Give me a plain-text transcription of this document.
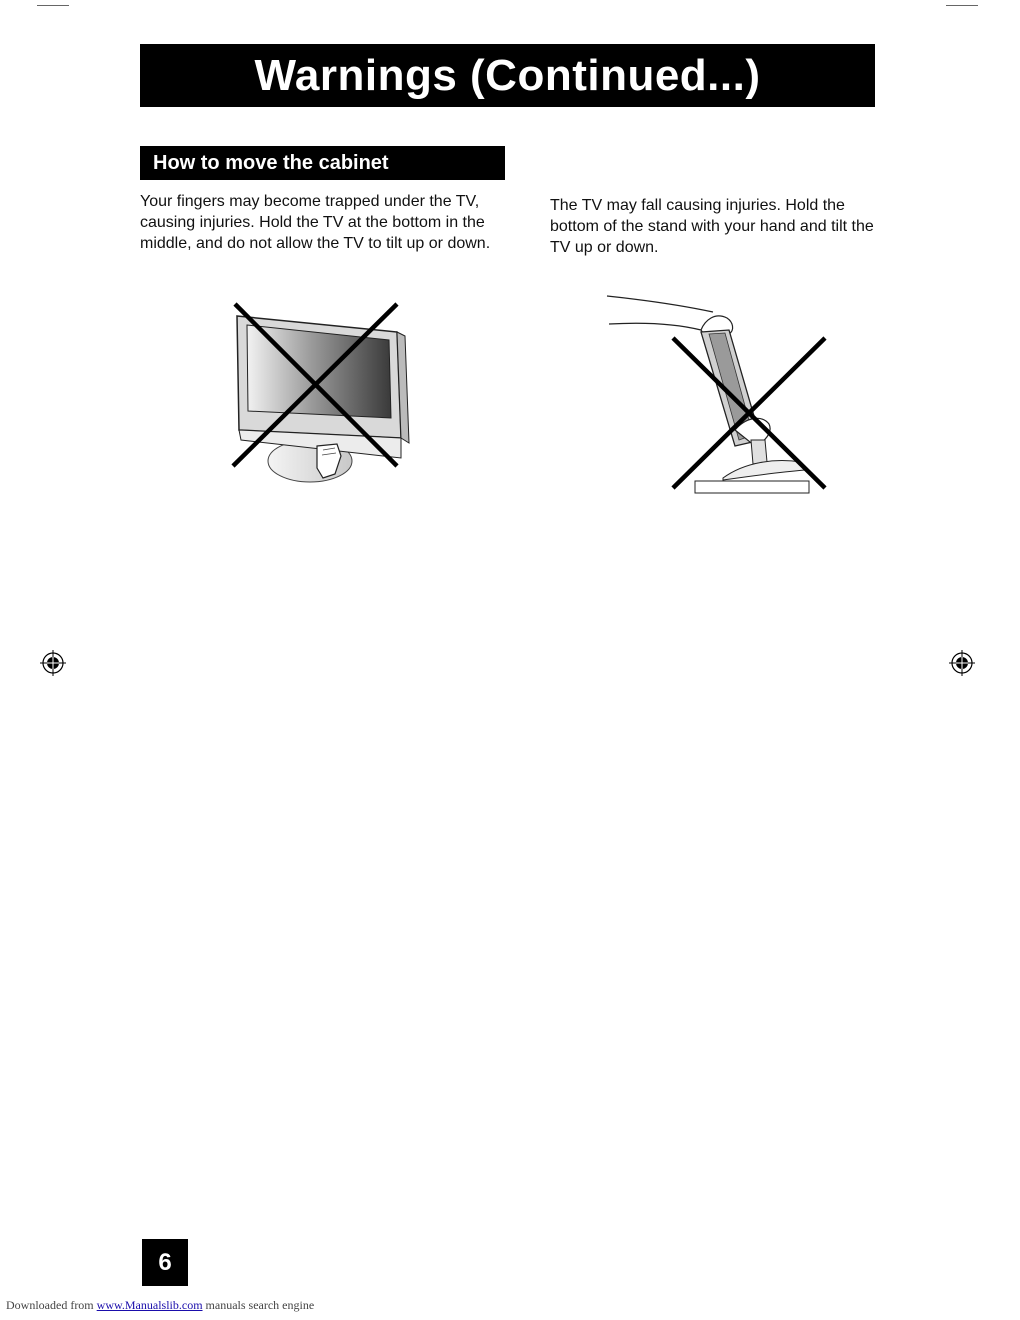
Warnings (Continued...)
How to move the cabinet
Your fingers may become trapped under the TV, causing injuries. Hold the TV at the bottom in the middle, and do not allow the TV to tilt up or down.
The TV may fall causing injuries. Hold the bottom of the stand with your hand and tilt the TV up or down.
6
Downloaded from www.Manualslib.com manuals search engine
